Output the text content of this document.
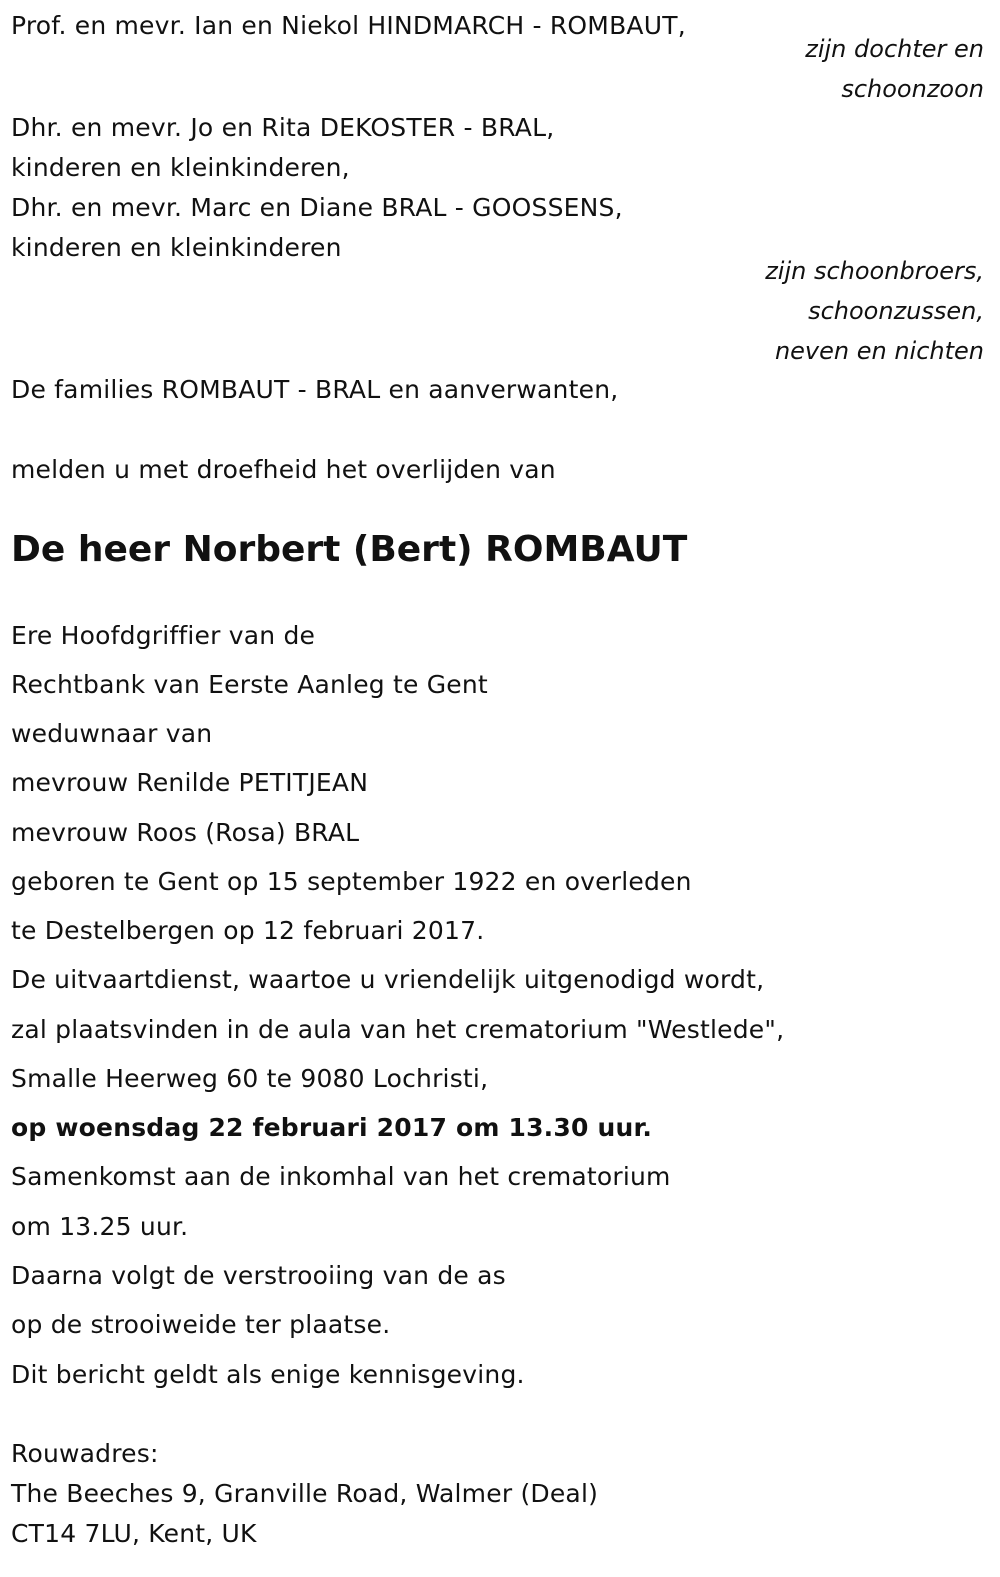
Prof. en mevr. Ian en Niekol HINDMARCH - ROMBAUT,
zijn dochter en
schoonzoon
Dhr. en mevr. Jo en Rita DEKOSTER - BRAL,
kinderen en kleinkinderen,
Dhr. en mevr. Marc en Diane BRAL - GOOSSENS,
kinderen en kleinkinderen
zijn schoonbroers,
schoonzussen,
neven en nichten
De families ROMBAUT - BRAL en aanverwanten,
melden u met droefheid het overlijden van
De heer Norbert (Bert) ROMBAUT
Ere Hoofdgriffier van de
Rechtbank van Eerste Aanleg te Gent
weduwnaar van
mevrouw Renilde PETITJEAN
mevrouw Roos (Rosa) BRAL
geboren te Gent op 15 september 1922 en overleden
te Destelbergen op 12 februari 2017.
De uitvaartdienst, waartoe u vriendelijk uitgenodigd wordt,
zal plaatsvinden in de aula van het crematorium "Westlede",
Smalle Heerweg 60 te 9080 Lochristi,
op woensdag 22 februari 2017 om 13.30 uur.
Samenkomst aan de inkomhal van het crematorium
om 13.25 uur.
Daarna volgt de verstrooiing van de as
op de strooiweide ter plaatse.
Dit bericht geldt als enige kennisgeving.
Rouwadres:
The Beeches 9, Granville Road, Walmer (Deal)
CT14 7LU, Kent, UK
